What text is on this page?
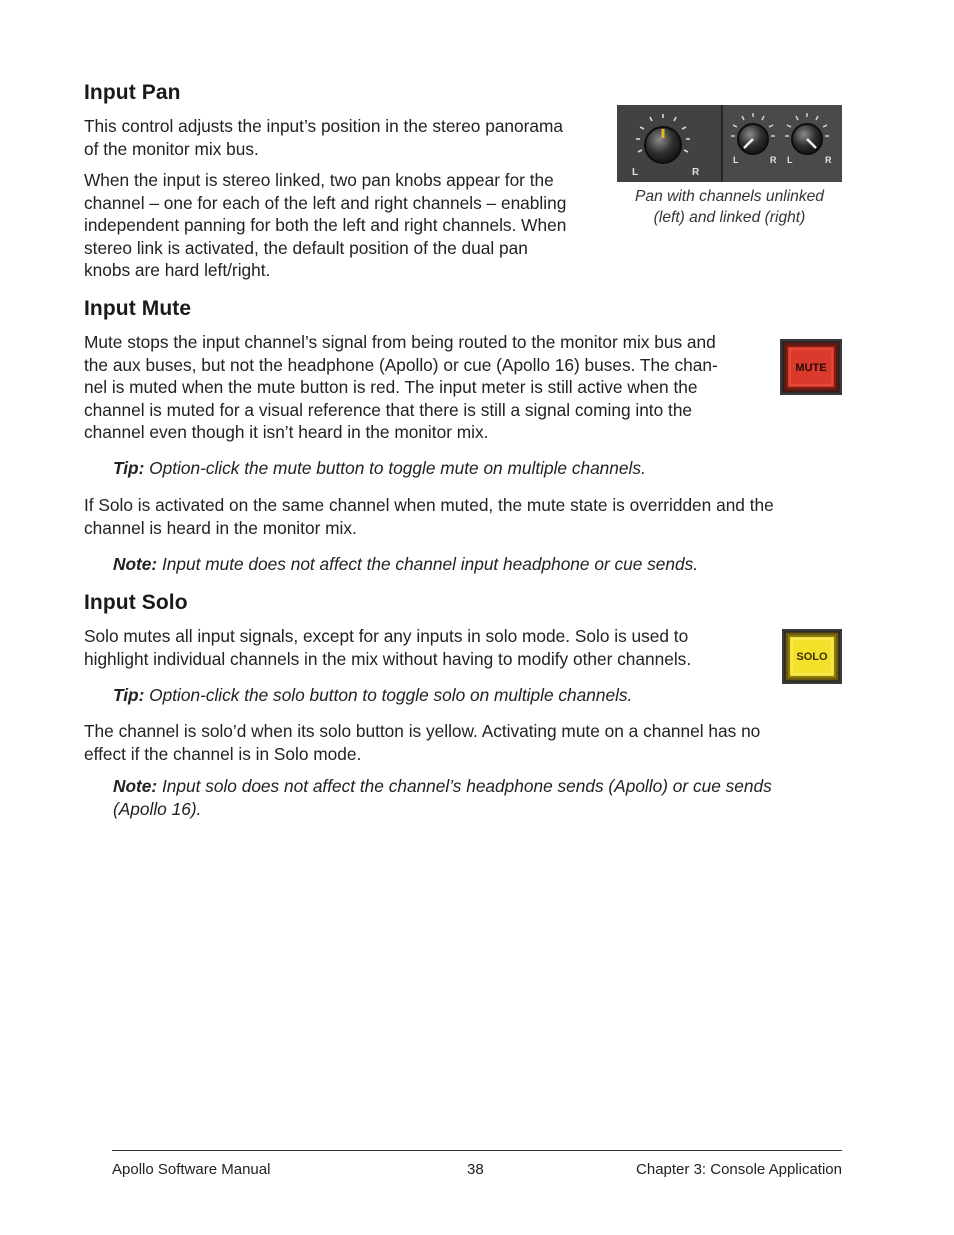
Input Pan

This control adjusts the input’s position in the stereo panorama
of the monitor mix bus.

When the input is stereo linked, two pan knobs appear for the
channel – one for each of the left and right channels – enabling
independent panning for both the left and right channels. When
stereo link is activated, the default position of the dual pan
knobs are hard left/right.

L	R
L	R L	R

Pan with channels unlinked
(left) and linked (right)

Input Mute

Mute stops the input channel’s signal from being routed to the monitor mix bus and
the aux buses, but not the headphone (Apollo) or cue (Apollo 16) buses. The chan-
nel is muted when the mute button is red. The input meter is still active when the
channel is muted for a visual reference that there is still a signal coming into the
channel even though it isn’t heard in the monitor mix.

MUTE

Tip: Option-click the mute button to toggle mute on multiple channels.

If Solo is activated on the same channel when muted, the mute state is overridden and the
channel is heard in the monitor mix.

Note: Input mute does not affect the channel input headphone or cue sends.

Input Solo

Solo mutes all input signals, except for any inputs in solo mode. Solo is used to
highlight individual channels in the mix without having to modify other channels.	SOLO

Tip: Option-click the solo button to toggle solo on multiple channels.

The channel is solo’d when its solo button is yellow. Activating mute on a channel has no
effect if the channel is in Solo mode.

Note: Input solo does not affect the channel’s headphone sends (Apollo) or cue sends
(Apollo 16).

Apollo Software Manual	38	Chapter 3: Console Application
